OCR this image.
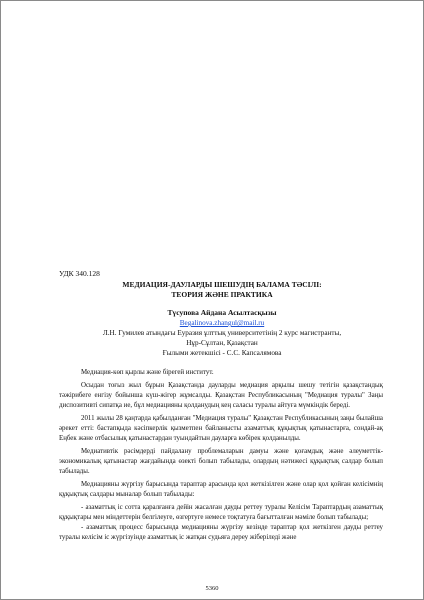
УДК 340.128
МЕДИАЦИЯ-ДАУЛАРДЫ ШЕШУДІҢ БАЛАМА ТӘСІЛІ:
ТЕОРИЯ ЖӘНЕ ПРАКТИКА
Түсупова Айдана Асылтасқызы
Begalinova.zhangul@mail.ru
Л.Н. Гумилев атындағы Еуразия ұлттық университетінің 2 курс магистранты,
Нұр-Сұлтан, Қазақстан
Ғылыми жетекшісі - С.С. Капсалямова

Медиация-көп қырлы және бірегей институт.

Осыдан тоғыз жыл бұрын Қазақстанда дауларды медиация арқылы шешу тетігін қазақстандық тәжірибеге енгізу бойынша күш-жігер жұмсалды. Қазақстан Республикасының "Медиация туралы" Заңы диспозитивті сипатқа ие, бұл медиацияны қолданудың кең саласы туралы айтуға мүмкіндік береді.

2011 жылы 28 қаңтарда қабылданған "Медиация туралы" Қазақстан Республикасының заңы былайша әрекет етті: бастапқыда кәсіпкерлік қызметпен байланысты азаматтық құқықтық қатынастарға, сондай-ақ Еңбек және отбасылық қатынастардан туындайтын дауларға көбірек қолданылды.

Медиативтік рәсімдерді пайдалану проблемаларын дамуы және қоғамдық және әлеуметтік-экономикалық қатынастар жағдайында өзекті болып табылады, олардың нәтижесі құқықтық салдар болып табылады.

Медиацияны жүргізу барысында тараптар арасында қол жеткізілген және олар қол қойған келісімнің құқықтық салдары мыналар болып табылады:

- азаматтық іс сотта қаралғанға дейін жасалған дауды реттеу туралы Келісім Тараптардың азаматтық құқықтары мен міндеттерін белгілеуге, өзгертуге немесе тоқтатуға бағытталған мәміле болып табылады;

- азаматтық процесс барысында медиацияны жүргізу кезінде тараптар қол жеткізген дауды реттеу туралы келісім іс жүргізуінде азаматтық іс жатқан судьяға дереу жіберіледі және

5360
